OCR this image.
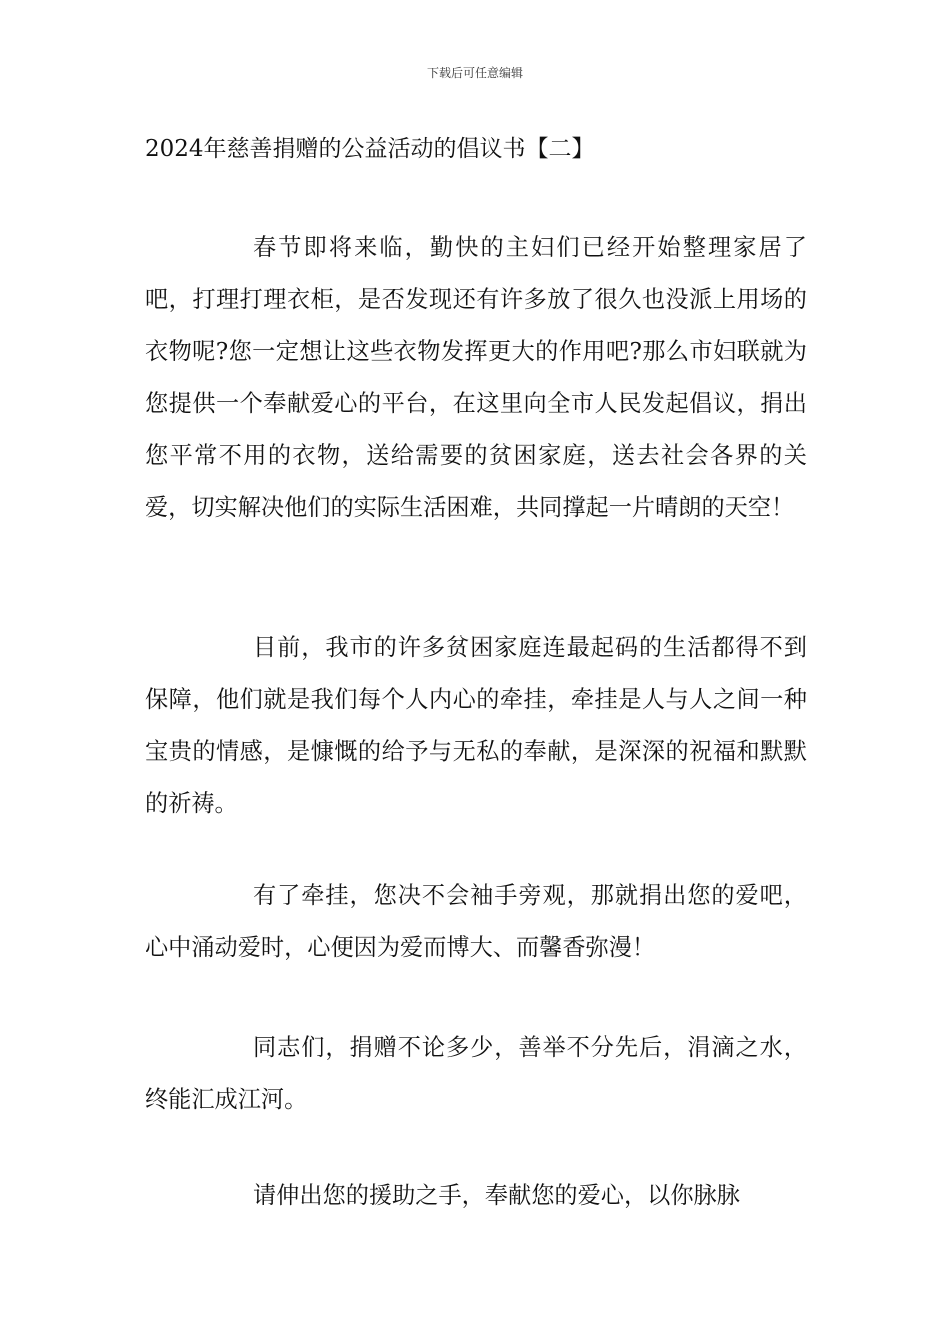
下载后可任意编辑
2024年慈善捐赠的公益活动的倡议书【二】

春节即将来临，勤快的主妇们已经开始整理家居了吧，打理打理衣柜，是否发现还有许多放了很久也没派上用场的衣物呢?您一定想让这些衣物发挥更大的作用吧?那么市妇联就为您提供一个奉献爱心的平台，在这里向全市人民发起倡议，捐出您平常不用的衣物，送给需要的贫困家庭，送去社会各界的关爱，切实解决他们的实际生活困难，共同撑起一片晴朗的天空！

目前，我市的许多贫困家庭连最起码的生活都得不到保障，他们就是我们每个人内心的牵挂，牵挂是人与人之间一种宝贵的情感，是慷慨的给予与无私的奉献，是深深的祝福和默默的祈祷。

有了牵挂，您决不会袖手旁观，那就捐出您的爱吧，心中涌动爱时，心便因为爱而博大、而馨香弥漫！

同志们，捐赠不论多少，善举不分先后，涓滴之水，终能汇成江河。

请伸出您的援助之手，奉献您的爱心，以你脉脉
